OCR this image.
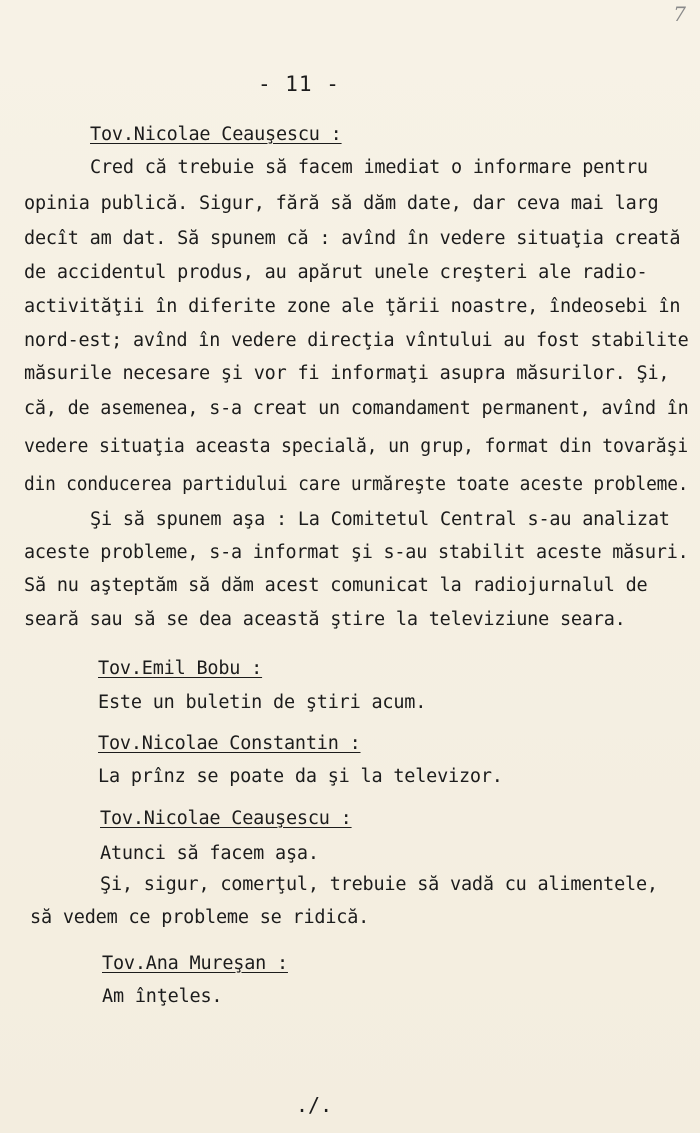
7
- 11 -
Tov.Nicolae Ceauşescu :
Cred că trebuie să facem imediat o informare pentru
opinia publică. Sigur, fără să dăm date, dar ceva mai larg
decît am dat. Să spunem că : avînd în vedere situaţia creată
de accidentul produs, au apărut unele creşteri ale radio-
activităţii în diferite zone ale ţării noastre, îndeosebi în
nord-est; avînd în vedere direcţia vîntului au fost stabilite
măsurile necesare şi vor fi informaţi asupra măsurilor. Şi,
că, de asemenea, s-a creat un comandament permanent, avînd în
vedere situaţia aceasta specială, un grup, format din tovarăşi
din conducerea partidului care urmăreşte toate aceste probleme.
Şi să spunem aşa : La Comitetul Central s-au analizat
aceste probleme, s-a informat şi s-au stabilit aceste măsuri.
Să nu aşteptăm să dăm acest comunicat la radiojurnalul de
seară sau să se dea această ştire la televiziune seara.
Tov.Emil Bobu :
Este un buletin de ştiri acum.
Tov.Nicolae Constantin :
La prînz se poate da şi la televizor.
Tov.Nicolae Ceauşescu :
Atunci să facem aşa.
Şi, sigur, comerţul, trebuie să vadă cu alimentele,
să vedem ce probleme se ridică.
Tov.Ana Mureşan :
Am înţeles.
./.
